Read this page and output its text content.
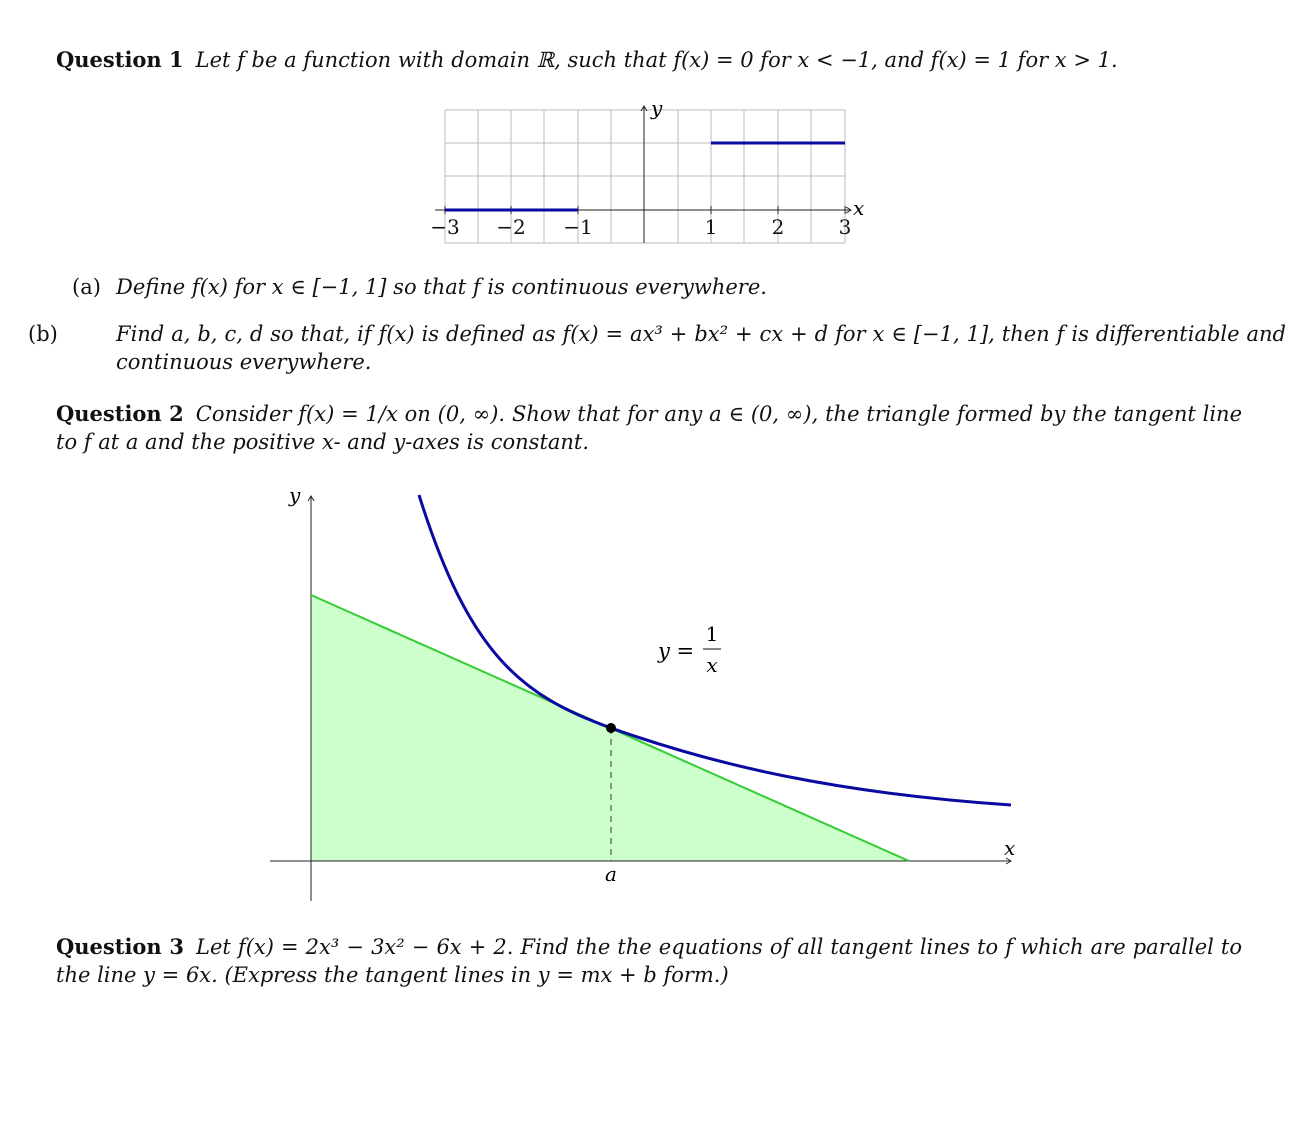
Question 1 Let f be a function with domain ℝ, such that f(x) = 0 for x < −1, and f(x) = 1 for x > 1.
x
y
−3 −2 −1	1	2	3
(a) Define f(x) for x ∈ [−1, 1] so that f is continuous everywhere.
(b)	Find a, b, c, d so that, if f(x) is defined as f(x) = ax³ + bx² + cx + d for x ∈ [−1, 1], then f is differentiable and continuous everywhere.
Question 2 Consider f(x) = 1/x on (0, ∞). Show that for any a ∈ (0, ∞), the triangle formed by the tangent line to f at a and the positive x- and y-axes is constant.
x
y
a
y =
1
x
Question 3 Let f(x) = 2x³ − 3x² − 6x + 2. Find the the equations of all tangent lines to f which are parallel to the line y = 6x. (Express the tangent lines in y = mx + b form.)
